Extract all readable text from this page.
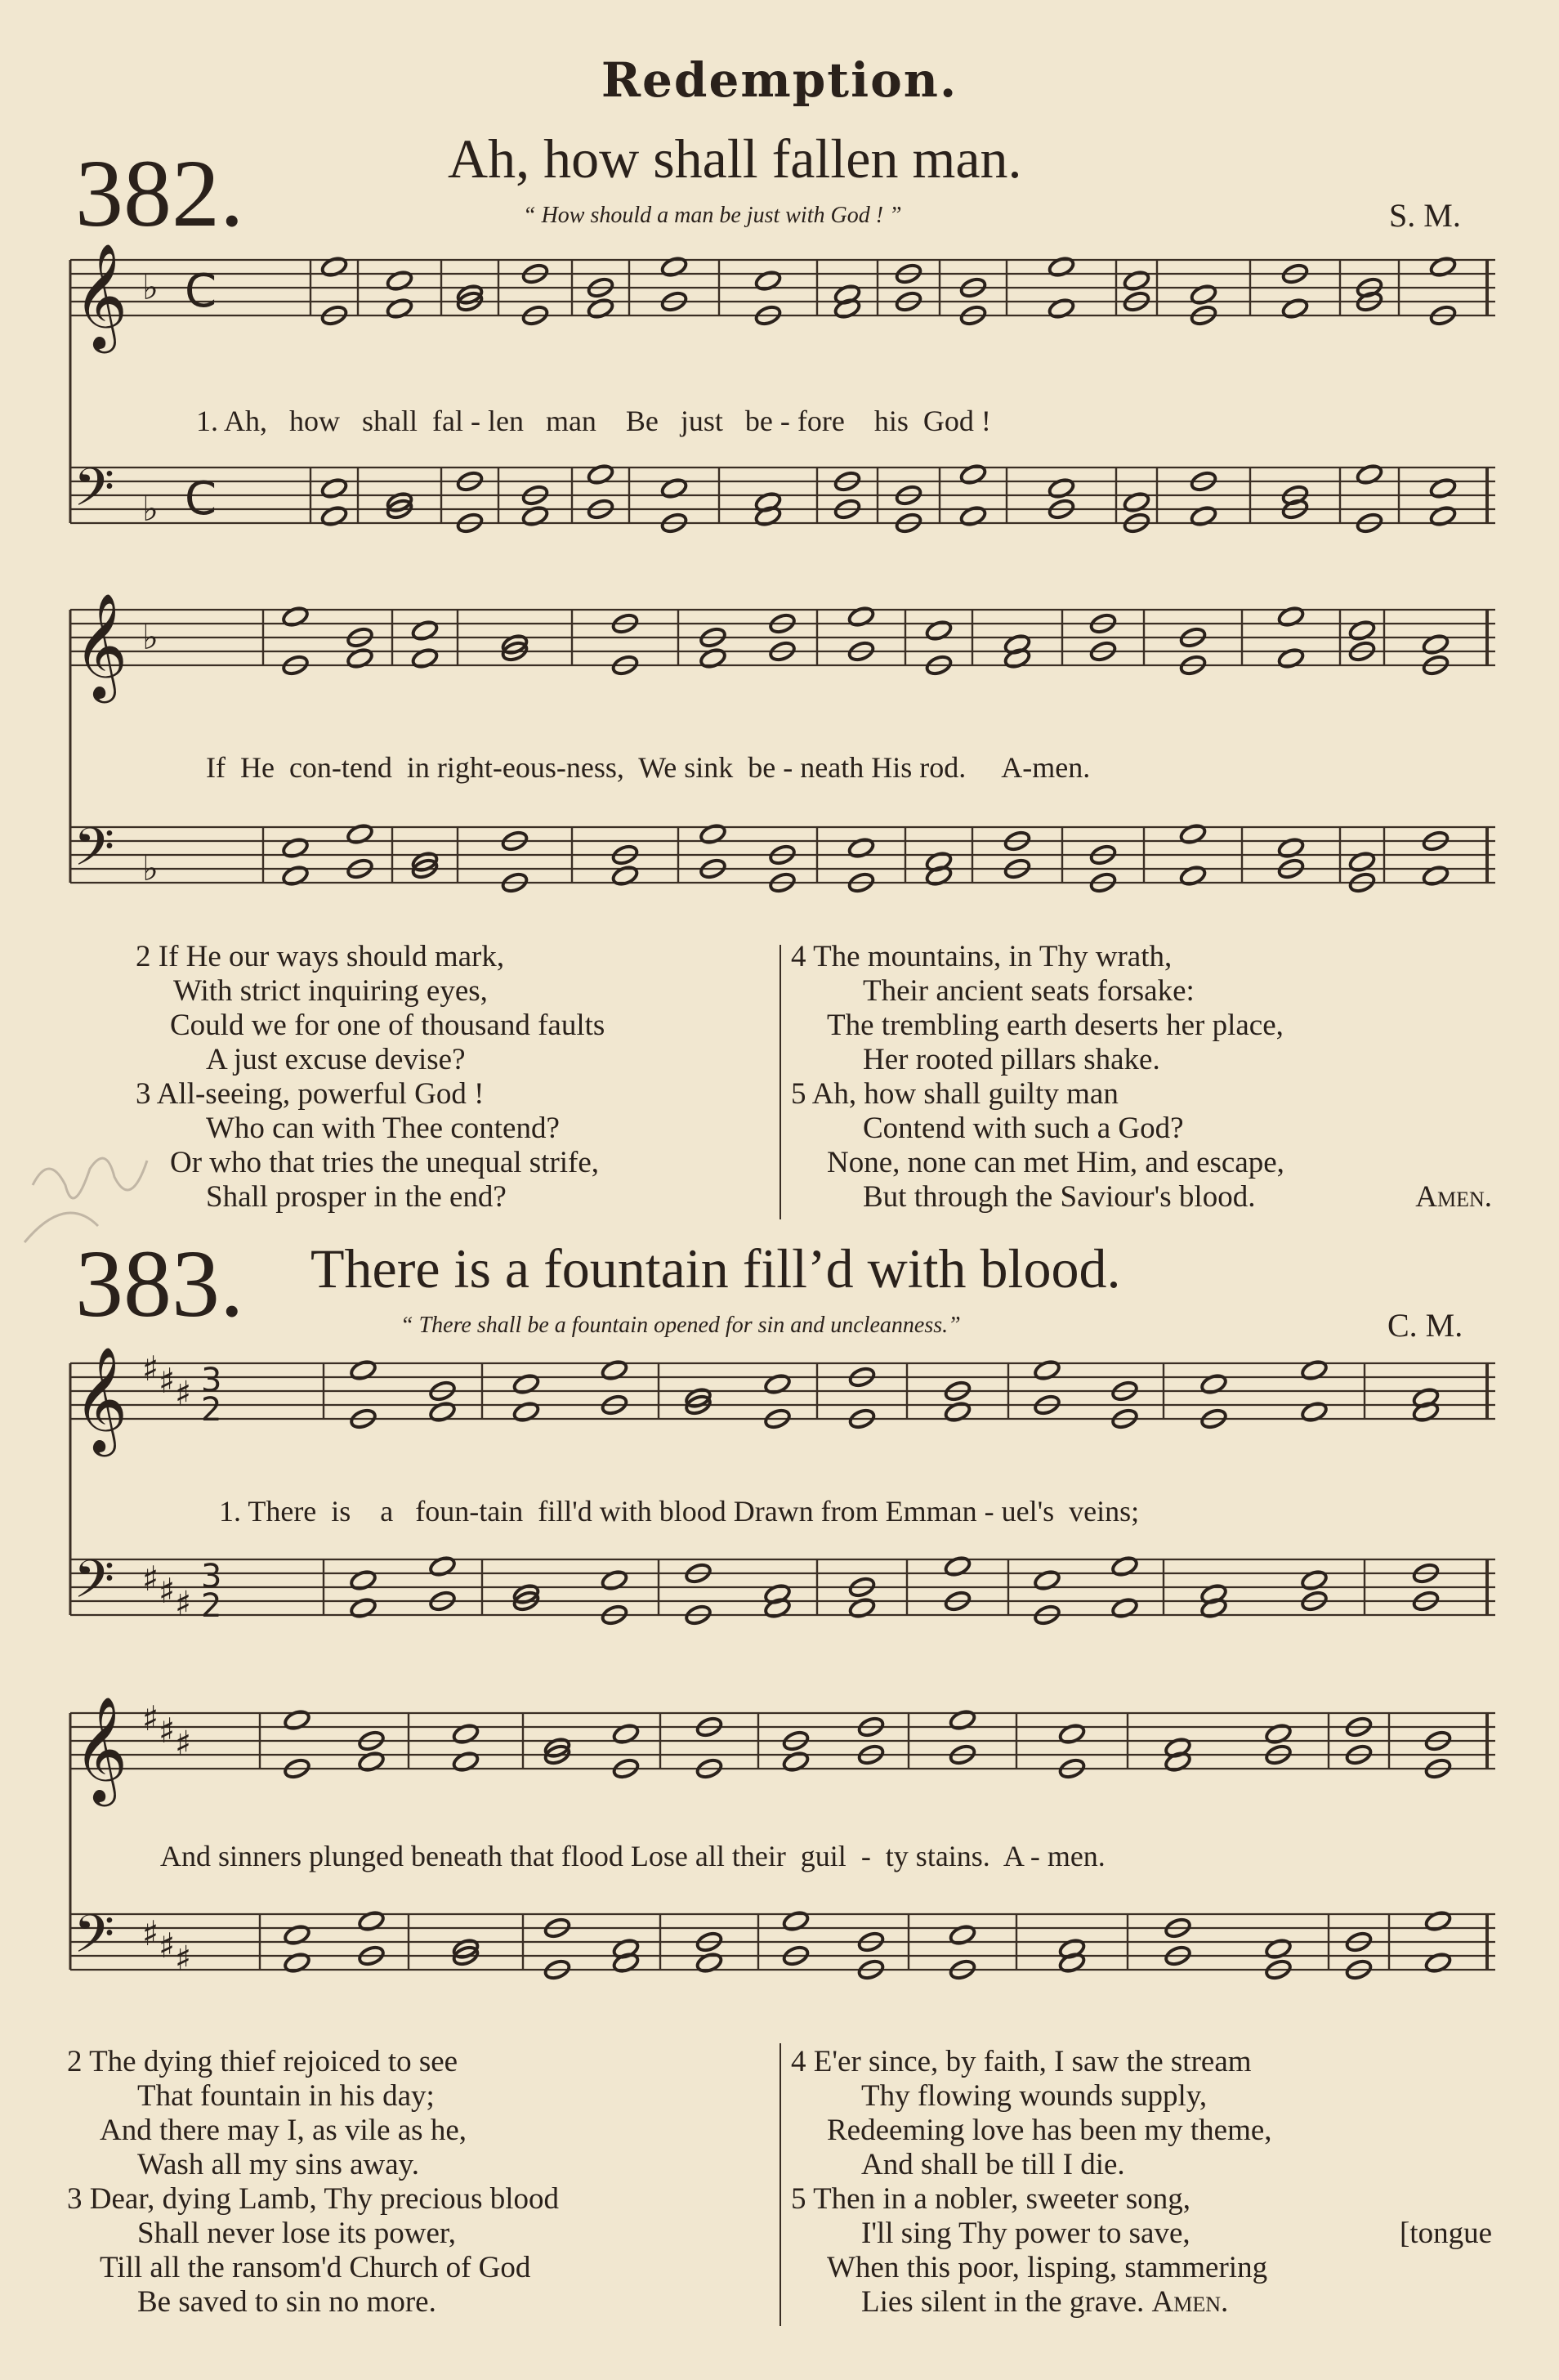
Redemption.
382.	Ah, how shall fallen man.
“ How should a man be just with God ! ”	S. M.
1. Ah,   how   shall  fal - len   man    Be   just   be - fore    his  God !
If  He  con-tend  in right-eous-ness,  We sink  be - neath His rod.     A-men.
2 If He our ways should mark,
With strict inquiring eyes,
Could we for one of thousand faults
A just excuse devise?
3 All-seeing, powerful God !
Who can with Thee contend?
Or who that tries the unequal strife,
Shall prosper in the end?
4 The mountains, in Thy wrath,
Their ancient seats forsake:
The trembling earth deserts her place,
Her rooted pillars shake.
5 Ah, how shall guilty man
Contend with such a God?
None, none can met Him, and escape,
But through the Saviour's blood.	Amen.
383. There is a fountain fill’d with blood.
“ There shall be a fountain opened for sin and uncleanness.”	C. M.
1. There  is    a   foun-tain  fill'd with blood Drawn from Emman - uel's  veins;
And sinners plunged beneath that flood Lose all their  guil  -  ty stains.  A - men.
2 The dying thief rejoiced to see
That fountain in his day;
And there may I, as vile as he,
Wash all my sins away.
3 Dear, dying Lamb, Thy precious blood
Shall never lose its power,
Till all the ransom'd Church of God
Be saved to sin no more.
4 E'er since, by faith, I saw the stream
Thy flowing wounds supply,
Redeeming love has been my theme,
And shall be till I die.
5 Then in a nobler, sweeter song,
I'll sing Thy power to save,	[tongue
When this poor, lisping, stammering
Lies silent in the grave. Amen.
𝄞 ♭ C
𝄢 ♭ C
𝄞 ♭
𝄢 ♭
𝄞 ♯ ♯ ♯ 3
2
𝄢 ♯ ♯ ♯
3
2
𝄞 ♯ ♯ ♯
𝄢 ♯ ♯ ♯
